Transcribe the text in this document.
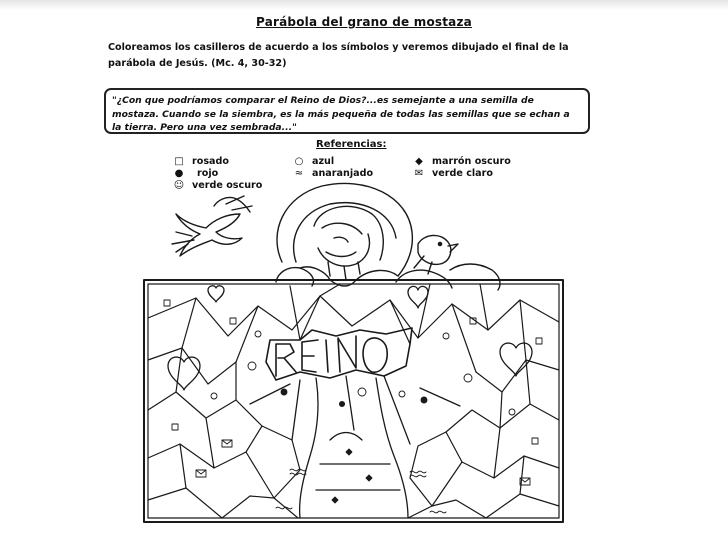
Parábola del grano de mostaza
Coloreamos los casilleros de acuerdo a los símbolos y veremos dibujado el final de la
parábola de Jesús. (Mc. 4, 30-32)
"¿Con que podríamos comparar el Reino de Dios?...es semejante a una semilla de
mostaza. Cuando se la siembra, es la más pequeña de todas las semillas que se echan a
la tierra. Pero una vez sembrada..."
Referencias:
□ rosado	○ azul	◆ marrón oscuro
● rojo	≈ anaranjado	✉ verde claro
☺ verde oscuro
